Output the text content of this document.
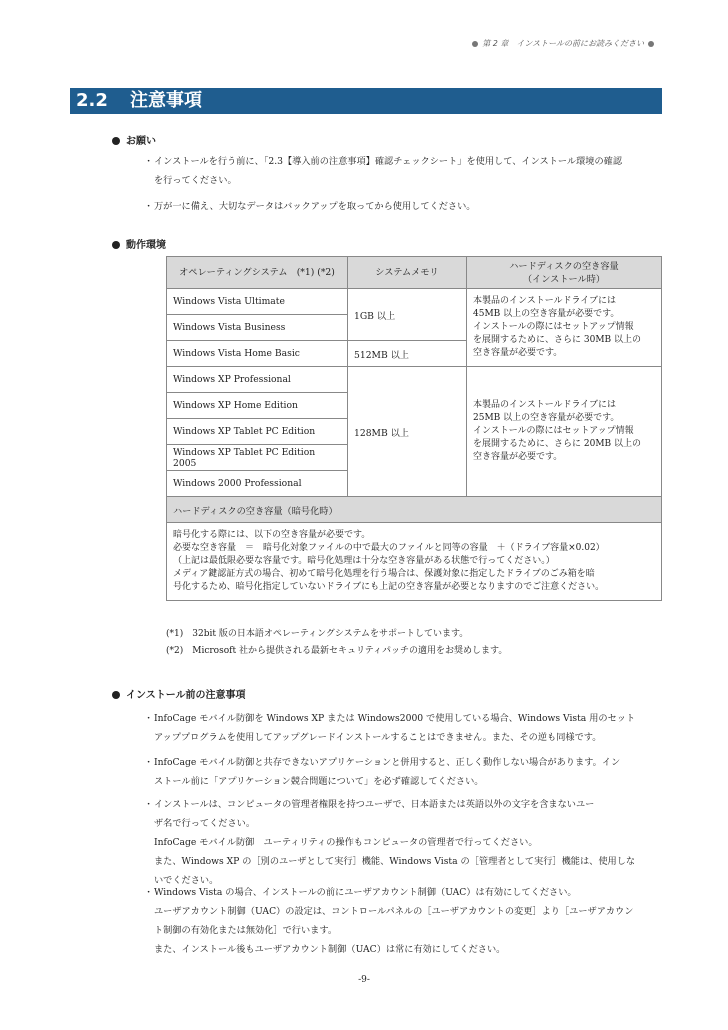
第 2 章　インストールの前にお読みください
2.2 注意事項
お願い
・ インストールを行う前に、「2.3【導入前の注意事項】確認チェックシート」を使用して、インストール環境の確認
を行ってください。
・ 万が一に備え、大切なデータはバックアップを取ってから使用してください。
動作環境
オペレーティングシステム　(*1) (*2)	システムメモリ	ハードディスクの空き容量
（インストール時）

Windows Vista Ultimate	1GB 以上	本製品のインストールドライブには
45MB 以上の空き容量が必要です。
インストールの際にはセットアップ情報
を展開するために、さらに 30MB 以上の
空き容量が必要です。

Windows Vista Business		
Windows Vista Home Basic	512MB 以上	
Windows XP Professional	128MB 以上	本製品のインストールドライブには
25MB 以上の空き容量が必要です。
インストールの際にはセットアップ情報
を展開するために、さらに 20MB 以上の
空き容量が必要です。

Windows XP Home Edition		
Windows XP Tablet PC Edition		
Windows XP Tablet PC Edition 2005		
Windows 2000 Professional		
ハードディスクの空き容量（暗号化時）		

暗号化する際には、以下の空き容量が必要です。
必要な空き容量　＝　暗号化対象ファイルの中で最大のファイルと同等の容量　＋（ドライブ容量×0.02）
（上記は最低限必要な容量です。暗号化処理は十分な空き容量がある状態で行ってください。）
メディア鍵認証方式の場合、初めて暗号化処理を行う場合は、保護対象に指定したドライブのごみ箱を暗
号化するため、暗号化指定していないドライブにも上記の空き容量が必要となりますのでご注意ください。		
(*1)　32bit 版の日本語オペレーティングシステムをサポートしています。
(*2)　Microsoft 社から提供される最新セキュリティパッチの適用をお奨めします。
インストール前の注意事項
・ InfoCage モバイル防御を Windows XP または Windows2000 で使用している場合、Windows Vista 用のセット
アッププログラムを使用してアップグレードインストールすることはできません。また、その逆も同様です。
・ InfoCage モバイル防御と共存できないアプリケーションと併用すると、正しく動作しない場合があります。イン
ストール前に「アプリケーション競合問題について」を必ず確認してください。
・ インストールは、コンピュータの管理者権限を持つユーザで、日本語または英語以外の文字を含まないユー
ザ名で行ってください。
InfoCage モバイル防御　ユーティリティの操作もコンピュータの管理者で行ってください。
また、Windows XP の［別のユーザとして実行］機能、Windows Vista の［管理者として実行］機能は、使用しな
いでください。
・ Windows Vista の場合、インストールの前にユーザアカウント制御（UAC）は有効にしてください。
ユーザアカウント制御（UAC）の設定は、コントロールパネルの［ユーザアカウントの変更］より［ユーザアカウン
ト制御の有効化または無効化］で行います。
また、インストール後もユーザアカウント制御（UAC）は常に有効にしてください。
-9-
